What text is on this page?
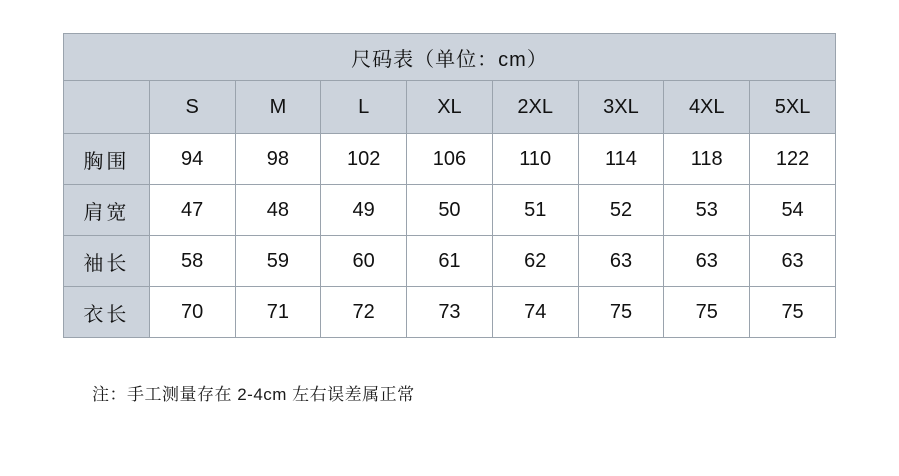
尺码表（单位：cm）								
	S	M	L	XL	2XL	3XL	4XL	5XL
胸围	94	98	102	106	110	114	118	122
肩宽	47	48	49	50	51	52	53	54
袖长	58	59	60	61	62	63	63	63
衣长	70	71	72	73	74	75	75	75
注：手工测量存在 2-4cm 左右误差属正常
